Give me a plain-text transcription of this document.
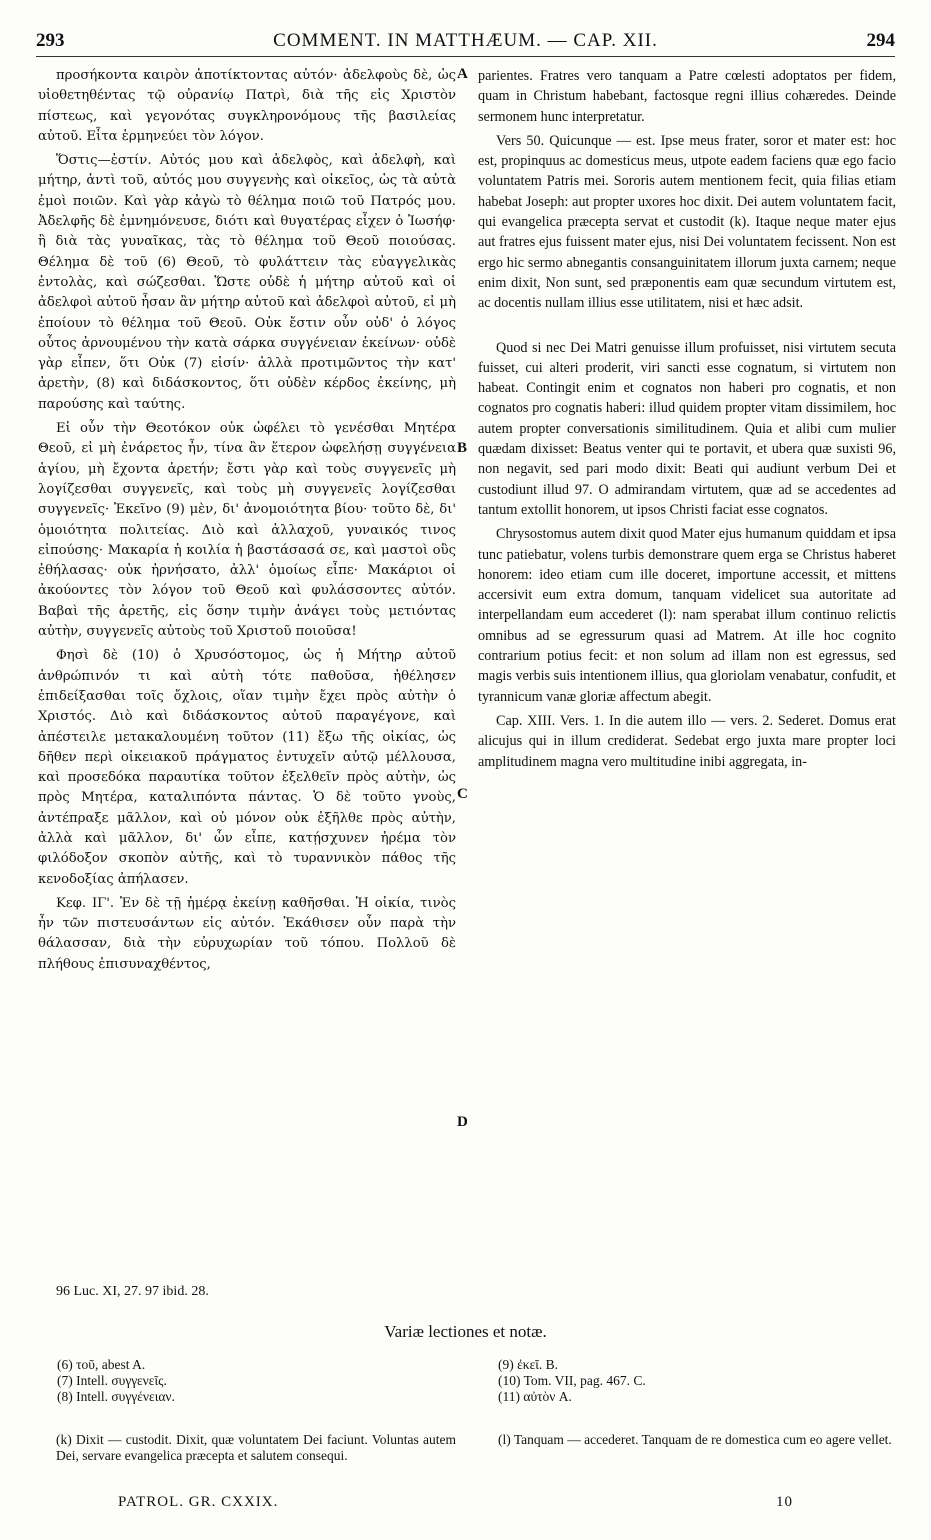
293	COMMENT. IN MATTHÆUM. — CAP. XII.	294

προσήκοντα καιρὸν ἀποτίκτοντας αὐτόν· ἀδελφοὺς δὲ, ὡς υἱοθετηθέντας τῷ οὐρανίῳ Πατρὶ, διὰ τῆς εἰς Χριστὸν πίστεως, καὶ γεγονότας συγκληρονόμους τῆς βασιλείας αὐτοῦ. Εἶτα ἑρμηνεύει τὸν λόγον.

Ὅστις—ἐστίν. Αὐτός μου καὶ ἀδελφὸς, καὶ ἀδελφὴ, καὶ μήτηρ, ἀντὶ τοῦ, αὐτός μου συγγενὴς καὶ οἰκεῖος, ὡς τὰ αὐτὰ ἐμοὶ ποιῶν. Καὶ γὰρ κἀγὼ τὸ θέλημα ποιῶ τοῦ Πατρός μου. Ἀδελφῆς δὲ ἐμνημόνευσε, διότι καὶ θυγατέρας εἶχεν ὁ Ἰωσήφ· ἢ διὰ τὰς γυναῖκας, τὰς τὸ θέλημα τοῦ Θεοῦ ποιούσας. Θέλημα δὲ τοῦ (6) Θεοῦ, τὸ φυλάττειν τὰς εὐαγγελικὰς ἐντολὰς, καὶ σώζεσθαι. Ὥστε οὐδὲ ἡ μήτηρ αὐτοῦ καὶ οἱ ἀδελφοὶ αὐτοῦ ἦσαν ἂν μήτηρ αὐτοῦ καὶ ἀδελφοὶ αὐτοῦ, εἰ μὴ ἐποίουν τὸ θέλημα τοῦ Θεοῦ. Οὐκ ἔστιν οὖν οὐδ' ὁ λόγος οὗτος ἀρνουμένου τὴν κατὰ σάρκα συγγένειαν ἐκείνων· οὐδὲ γὰρ εἶπεν, ὅτι Οὐκ (7) εἰσίν· ἀλλὰ προτιμῶντος τὴν κατ' ἀρετὴν, (8) καὶ διδάσκοντος, ὅτι οὐδὲν κέρδος ἐκείνης, μὴ παρούσης καὶ ταύτης.

Εἰ οὖν τὴν Θεοτόκον οὐκ ὠφέλει τὸ γενέσθαι Μητέρα Θεοῦ, εἰ μὴ ἐνάρετος ἦν, τίνα ἂν ἕτερον ὠφελήσῃ συγγένεια ἁγίου, μὴ ἔχοντα ἀρετήν; ἔστι γὰρ καὶ τοὺς συγγενεῖς μὴ λογίζεσθαι συγγενεῖς, καὶ τοὺς μὴ συγγενεῖς λογίζεσθαι συγγενεῖς· Ἐκεῖνο (9) μὲν, δι' ἀνομοιότητα βίου· τοῦτο δὲ, δι' ὁμοιότητα πολιτείας. Διὸ καὶ ἀλλαχοῦ, γυναικός τινος εἰπούσης· Μακαρία ἡ κοιλία ἡ βαστάσασά σε, καὶ μαστοὶ οὓς ἐθήλασας· οὐκ ἠρνήσατο, ἀλλ' ὁμοίως εἶπε· Μακάριοι οἱ ἀκούοντες τὸν λόγον τοῦ Θεοῦ καὶ φυλάσσοντες αὐτόν. Βαβαὶ τῆς ἀρετῆς, εἰς ὅσην τιμὴν ἀνάγει τοὺς μετιόντας αὐτὴν, συγγενεῖς αὐτοὺς τοῦ Χριστοῦ ποιοῦσα!

Φησὶ δὲ (10) ὁ Χρυσόστομος, ὡς ἡ Μήτηρ αὐτοῦ ἀνθρώπινόν τι καὶ αὐτὴ τότε παθοῦσα, ἠθέλησεν ἐπιδείξασθαι τοῖς ὄχλοις, οἵαν τιμὴν ἔχει πρὸς αὐτὴν ὁ Χριστός. Διὸ καὶ διδάσκοντος αὐτοῦ παραγέγονε, καὶ ἀπέστειλε μετακαλουμένη τοῦτον (11) ἔξω τῆς οἰκίας, ὡς δῆθεν περὶ οἰκειακοῦ πράγματος ἐντυχεῖν αὐτῷ μέλλουσα, καὶ προσεδόκα παραυτίκα τοῦτον ἐξελθεῖν πρὸς αὐτὴν, ὡς πρὸς Μητέρα, καταλιπόντα πάντας. Ὁ δὲ τοῦτο γνοὺς, ἀντέπραξε μᾶλλον, καὶ οὐ μόνον οὐκ ἐξῆλθε πρὸς αὐτὴν, ἀλλὰ καὶ μᾶλλον, δι' ὧν εἶπε, κατῄσχυνεν ἠρέμα τὸν φιλόδοξον σκοπὸν αὐτῆς, καὶ τὸ τυραννικὸν πάθος τῆς κενοδοξίας ἀπήλασεν.

Κεφ. ΙΓ'. Ἐν δὲ τῇ ἡμέρᾳ ἐκείνῃ καθῆσθαι. Ἡ οἰκία, τινὸς ἦν τῶν πιστευσάντων εἰς αὐτόν. Ἐκάθισεν οὖν παρὰ τὴν θάλασσαν, διὰ τὴν εὐρυχωρίαν τοῦ τόπου. Πολλοῦ δὲ πλήθους ἐπισυναχθέντος,

A
B
C
D

parientes. Fratres vero tanquam a Patre cœlesti adoptatos per fidem, quam in Christum habebant, factosque regni illius cohæredes. Deinde sermonem hunc interpretatur.

Vers 50. Quicunque — est. Ipse meus frater, soror et mater est: hoc est, propinquus ac domesticus meus, utpote eadem faciens quæ ego facio voluntatem Patris mei. Sororis autem mentionem fecit, quia filias etiam habebat Joseph: aut propter uxores hoc dixit. Dei autem voluntatem facit, qui evangelica præcepta servat et custodit (k). Itaque neque mater ejus aut fratres ejus fuissent mater ejus, nisi Dei voluntatem fecissent. Non est ergo hic sermo abnegantis consanguinitatem illorum juxta carnem; neque enim dixit, Non sunt, sed præponentis eam quæ secundum virtutem est, ac docentis nullam illius esse utilitatem, nisi et hæc adsit.

Quod si nec Dei Matri genuisse illum profuisset, nisi virtutem secuta fuisset, cui alteri proderit, viri sancti esse cognatum, si virtutem non habeat. Contingit enim et cognatos non haberi pro cognatis, et non cognatos pro cognatis haberi: illud quidem propter vitam dissimilem, hoc autem propter conversationis similitudinem. Quia et alibi cum mulier quædam dixisset: Beatus venter qui te portavit, et ubera quæ suxisti 96, non negavit, sed pari modo dixit: Beati qui audiunt verbum Dei et custodiunt illud 97. O admirandam virtutem, quæ ad se accedentes ad tantum extollit honorem, ut ipsos Christi faciat esse cognatos.

Chrysostomus autem dixit quod Mater ejus humanum quiddam et ipsa tunc patiebatur, volens turbis demonstrare quem erga se Christus haberet honorem: ideo etiam cum ille doceret, importune accessit, et mittens accersivit eum extra domum, tanquam videlicet sua autoritate ad interpellandam eum accederet (l): nam sperabat illum continuo relictis omnibus ad se egressurum quasi ad Matrem. At ille hoc cognito contrarium potius fecit: et non solum ad illam non est egressus, sed magis verbis suis intentionem illius, qua gloriolam venabatur, confudit, et tyrannicum vanæ gloriæ affectum abegit.

Cap. XIII. Vers. 1. In die autem illo — vers. 2. Sederet. Domus erat alicujus qui in illum crediderat. Sedebat ergo juxta mare propter loci amplitudinem magna vero multitudine inibi aggregata, in-

96 Luc. XI, 27. 97 ibid. 28.
Variæ lectiones et notæ.
(6) τοῦ, abest A.
(7) Intell. συγγενεῖς.
(8) Intell. συγγένειαν.
(9) ἐκεῖ. B.
(10) Tom. VII, pag. 467. C.
(11) αὐτὸν A.
(k) Dixit — custodit. Dixit, quæ voluntatem Dei faciunt. Voluntas autem Dei, servare evangelica præcepta et salutem consequi.
(l) Tanquam — accederet. Tanquam de re domestica cum eo agere vellet.
PATROL. GR. CXXIX.	10
